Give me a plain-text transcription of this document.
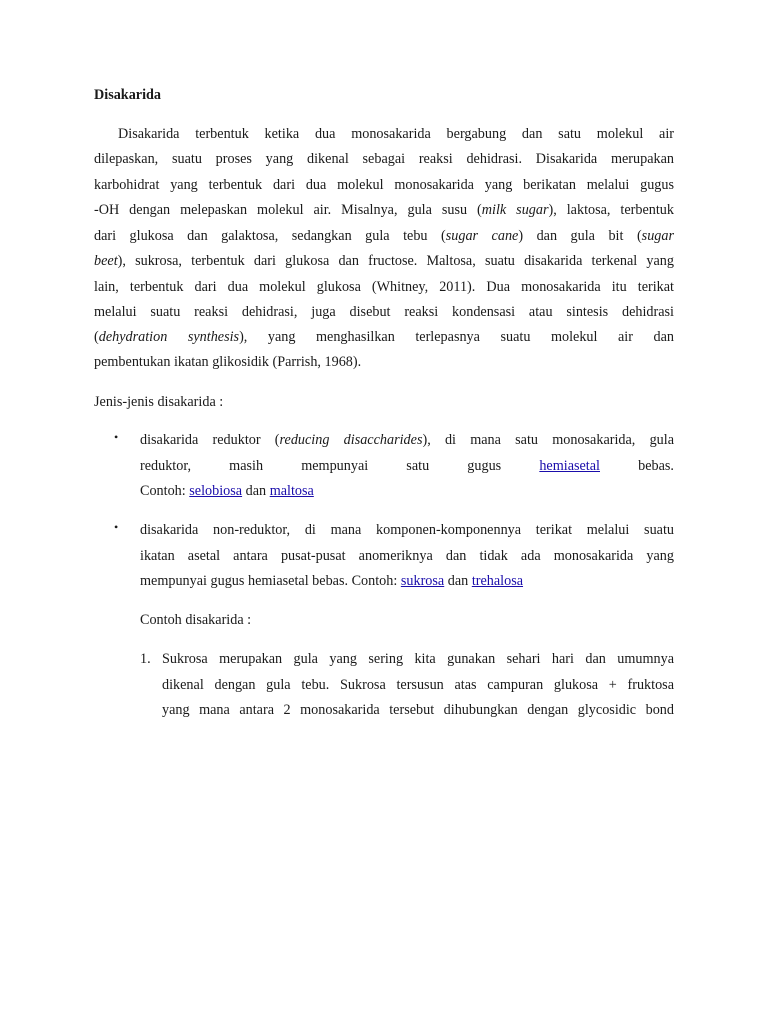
Disakarida
Disakarida terbentuk ketika dua monosakarida bergabung dan satu molekul air
dilepaskan, suatu proses yang dikenal sebagai reaksi dehidrasi. Disakarida merupakan
karbohidrat yang terbentuk dari dua molekul monosakarida yang berikatan melalui gugus
-OH dengan melepaskan molekul air. Misalnya, gula susu (milk sugar), laktosa, terbentuk
dari glukosa dan galaktosa, sedangkan gula tebu (sugar cane) dan gula bit (sugar
beet), sukrosa, terbentuk dari glukosa dan fructose. Maltosa, suatu disakarida terkenal yang
lain, terbentuk dari dua molekul glukosa (Whitney, 2011). Dua monosakarida itu terikat
melalui suatu reaksi dehidrasi, juga disebut reaksi kondensasi atau sintesis dehidrasi
(dehydration synthesis), yang menghasilkan terlepasnya suatu molekul air dan
pembentukan ikatan glikosidik (Parrish, 1968).
Jenis-jenis disakarida :
• disakarida reduktor (reducing disaccharides), di mana satu monosakarida, gula
reduktor, masih mempunyai satu gugus hemiasetal bebas.
Contoh: selobiosa dan maltosa
• disakarida non-reduktor, di mana komponen-komponennya terikat melalui suatu
ikatan asetal antara pusat-pusat anomeriknya dan tidak ada monosakarida yang
mempunyai gugus hemiasetal bebas. Contoh: sukrosa dan trehalosa
Contoh disakarida :
1. Sukrosa merupakan gula yang sering kita gunakan sehari hari dan umumnya
dikenal dengan gula tebu. Sukrosa tersusun atas campuran glukosa + fruktosa
yang mana antara 2 monosakarida tersebut dihubungkan dengan glycosidic bond
